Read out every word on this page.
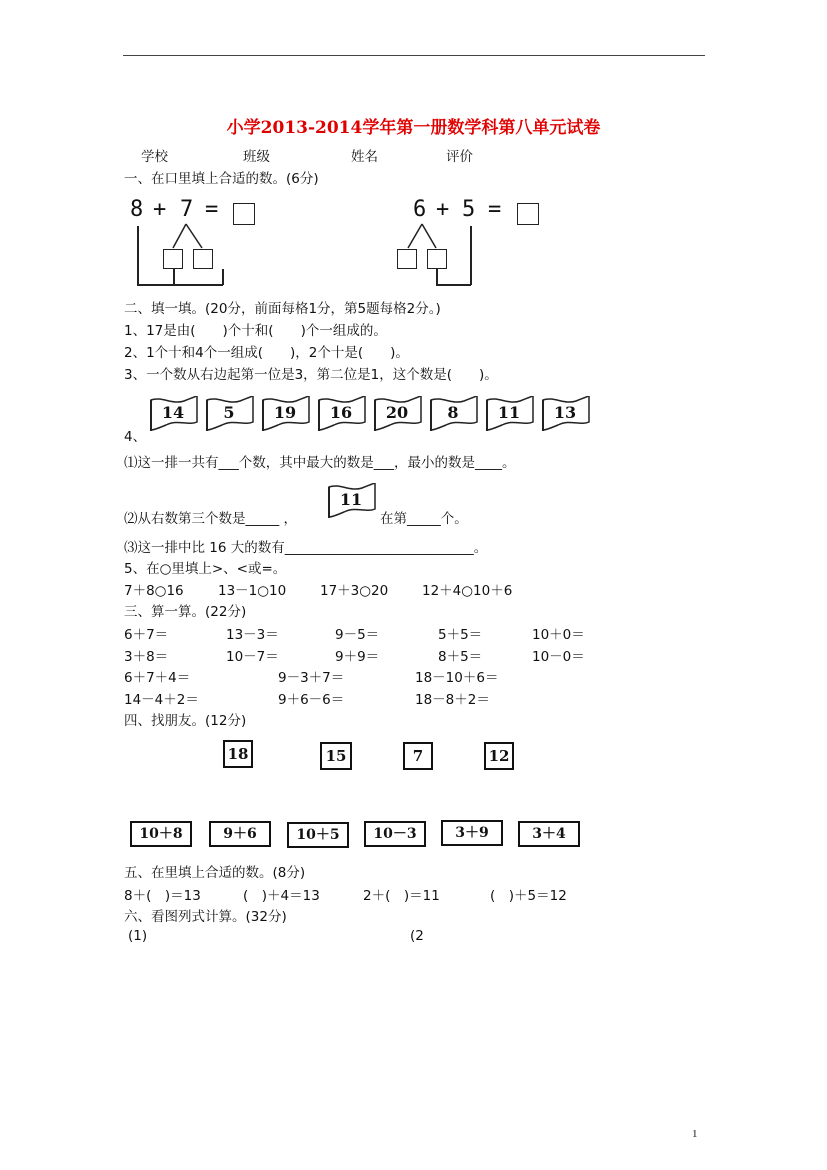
小学2013-2014学年第一册数学科第八单元试卷
学校	班级	姓名	评价
一、在口里填上合适的数。(6分)
8 + 7 =	6 + 5 =
二、填一填。(20分，前面每格1分，第5题每格2分。)
1、17是由(　　)个十和(　　)个一组成的。
2、1个十和4个一组成(　　)，2个十是(　　)。
3、一个数从右边起第一位是3，第二位是1，这个数是(　　)。
4、
14	5	19	16	20	8	11	13
⑴这一排一共有___个数，其中最大的数是___，最小的数是____。
⑵从右数第三个数是_____ ，
11
在第_____个。
⑶这一排中比 16 大的数有____________________________。
5、在○里填上>、<或=。
7＋8○16	13－1○10	17＋3○20	12＋4○10＋6
三、算一算。(22分)
6＋7＝	13－3＝	9－5＝	5＋5＝	10＋0＝
3＋8＝	10－7＝	9＋9＝	8＋5＝	10－0＝
6＋7＋4＝	9－3＋7＝	18－10＋6＝
14－4＋2＝	9＋6－6＝	18－8＋2＝
四、找朋友。(12分)
18	15	7	12
10＋8	9＋6	10＋5	10－3	3＋9	3＋4
五、在里填上合适的数。(8分)
8＋(　)＝13	(　)＋4＝13	2＋(　)＝11	(　)＋5＝12
六、看图列式计算。(32分)
(1)	(2
1
